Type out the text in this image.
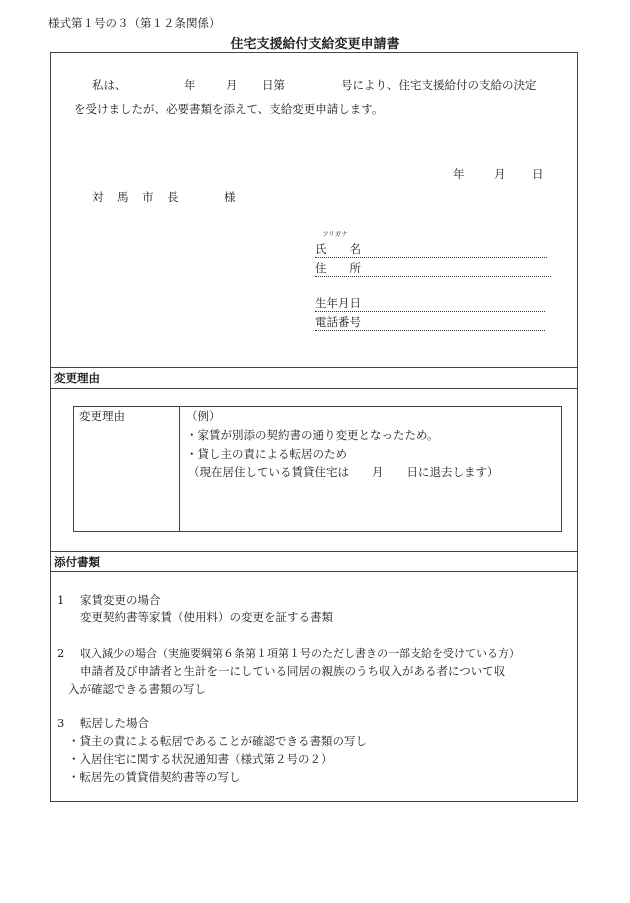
様式第１号の３（第１２条関係）
住宅支援給付支給変更申請書
私は、	年	月 日第	号により、住宅支援給付の支給の決定
を受けましたが、必要書類を添えて、支給変更申請します。
年	月 日
対　馬　市　長	様
フリガナ
氏　　名
住　　所
生年月日
電話番号
変更理由
変更理由	（例）
・家賃が別添の契約書の通り変更となったため。
・貸し主の責による転居のため
（現在居住している賃貸住宅は　　月　　日に退去します）
添付書類
1 家賃変更の場合
変更契約書等家賃（使用料）の変更を証する書類
2 収入減少の場合（実施要綱第６条第１項第１号のただし書きの一部支給を受けている方）
申請者及び申請者と生計を一にしている同居の親族のうち収入がある者について収
入が確認できる書類の写し
3 転居した場合
・貸主の責による転居であることが確認できる書類の写し
・入居住宅に関する状況通知書（様式第２号の２）
・転居先の賃貸借契約書等の写し
